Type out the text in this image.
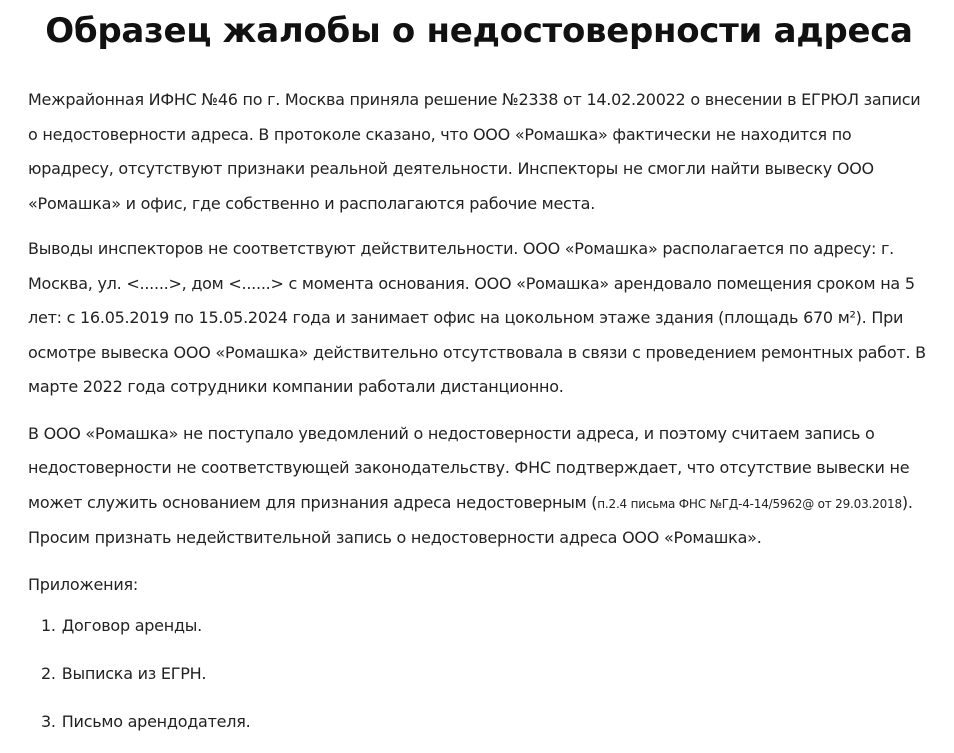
Образец жалобы о недостоверности адреса

Межрайонная ИФНС №46 по г. Москва приняла решение №2338 от 14.02.20022 о внесении в ЕГРЮЛ записи о недостоверности адреса. В протоколе сказано, что ООО «Ромашка» фактически не находится по юрадресу, отсутствуют признаки реальной деятельности. Инспекторы не смогли найти вывеску ООО «Ромашка» и офис, где собственно и располагаются рабочие места.

Выводы инспекторов не соответствуют действительности. ООО «Ромашка» располагается по адресу: г. Москва, ул. <......>, дом <......> с момента основания. ООО «Ромашка» арендовало помещения сроком на 5 лет: с 16.05.2019 по 15.05.2024 года и занимает офис на цокольном этаже здания (площадь 670 м²). При осмотре вывеска ООО «Ромашка» действительно отсутствовала в связи с проведением ремонтных работ. В марте 2022 года сотрудники компании работали дистанционно.

В ООО «Ромашка» не поступало уведомлений о недостоверности адреса, и поэтому считаем запись о недостоверности не соответствующей законодательству. ФНС подтверждает, что отсутствие вывески не может служить основанием для признания адреса недостоверным (п.2.4 письма ФНС №ГД-4-14/5962@ от 29.03.2018). Просим признать недействительной запись о недостоверности адреса ООО «Ромашка».

Приложения:

1. Договор аренды.
2. Выписка из ЕГРН.
3. Письмо арендодателя.
